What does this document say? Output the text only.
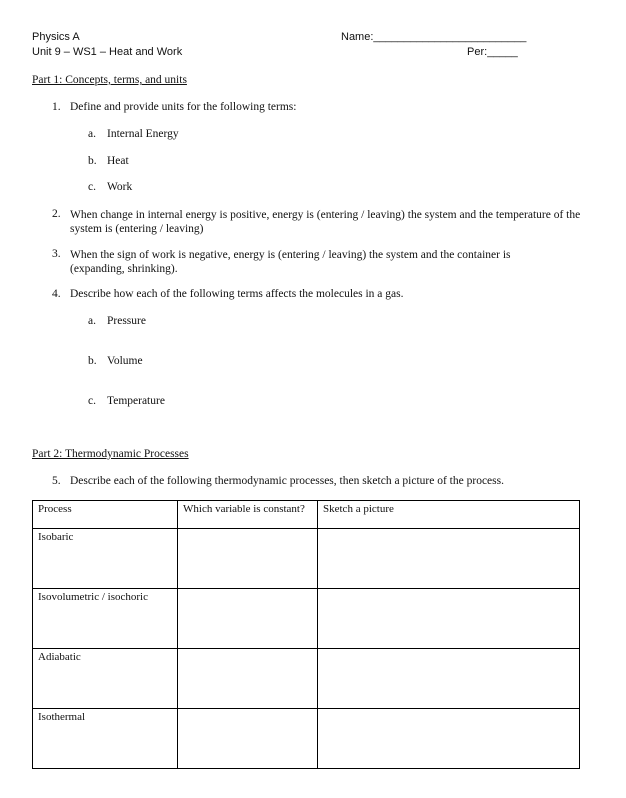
Physics A
Unit 9 – WS1 – Heat and Work
Name:_________________________
Per:_____
Part 1: Concepts, terms, and units
1. Define and provide units for the following terms:
a. Internal Energy
b. Heat
c. Work
2. When change in internal energy is positive, energy is (entering / leaving) the system and the temperature of the system is (entering / leaving)
3. When the sign of work is negative, energy is (entering / leaving) the system and the container is (expanding, shrinking).
4. Describe how each of the following terms affects the molecules in a gas.
a. Pressure
b. Volume
c. Temperature
Part 2: Thermodynamic Processes
5. Describe each of the following thermodynamic processes, then sketch a picture of the process.
Process	Which variable is constant?	Sketch a picture
Isobaric		
Isovolumetric / isochoric		
Adiabatic		
Isothermal		
